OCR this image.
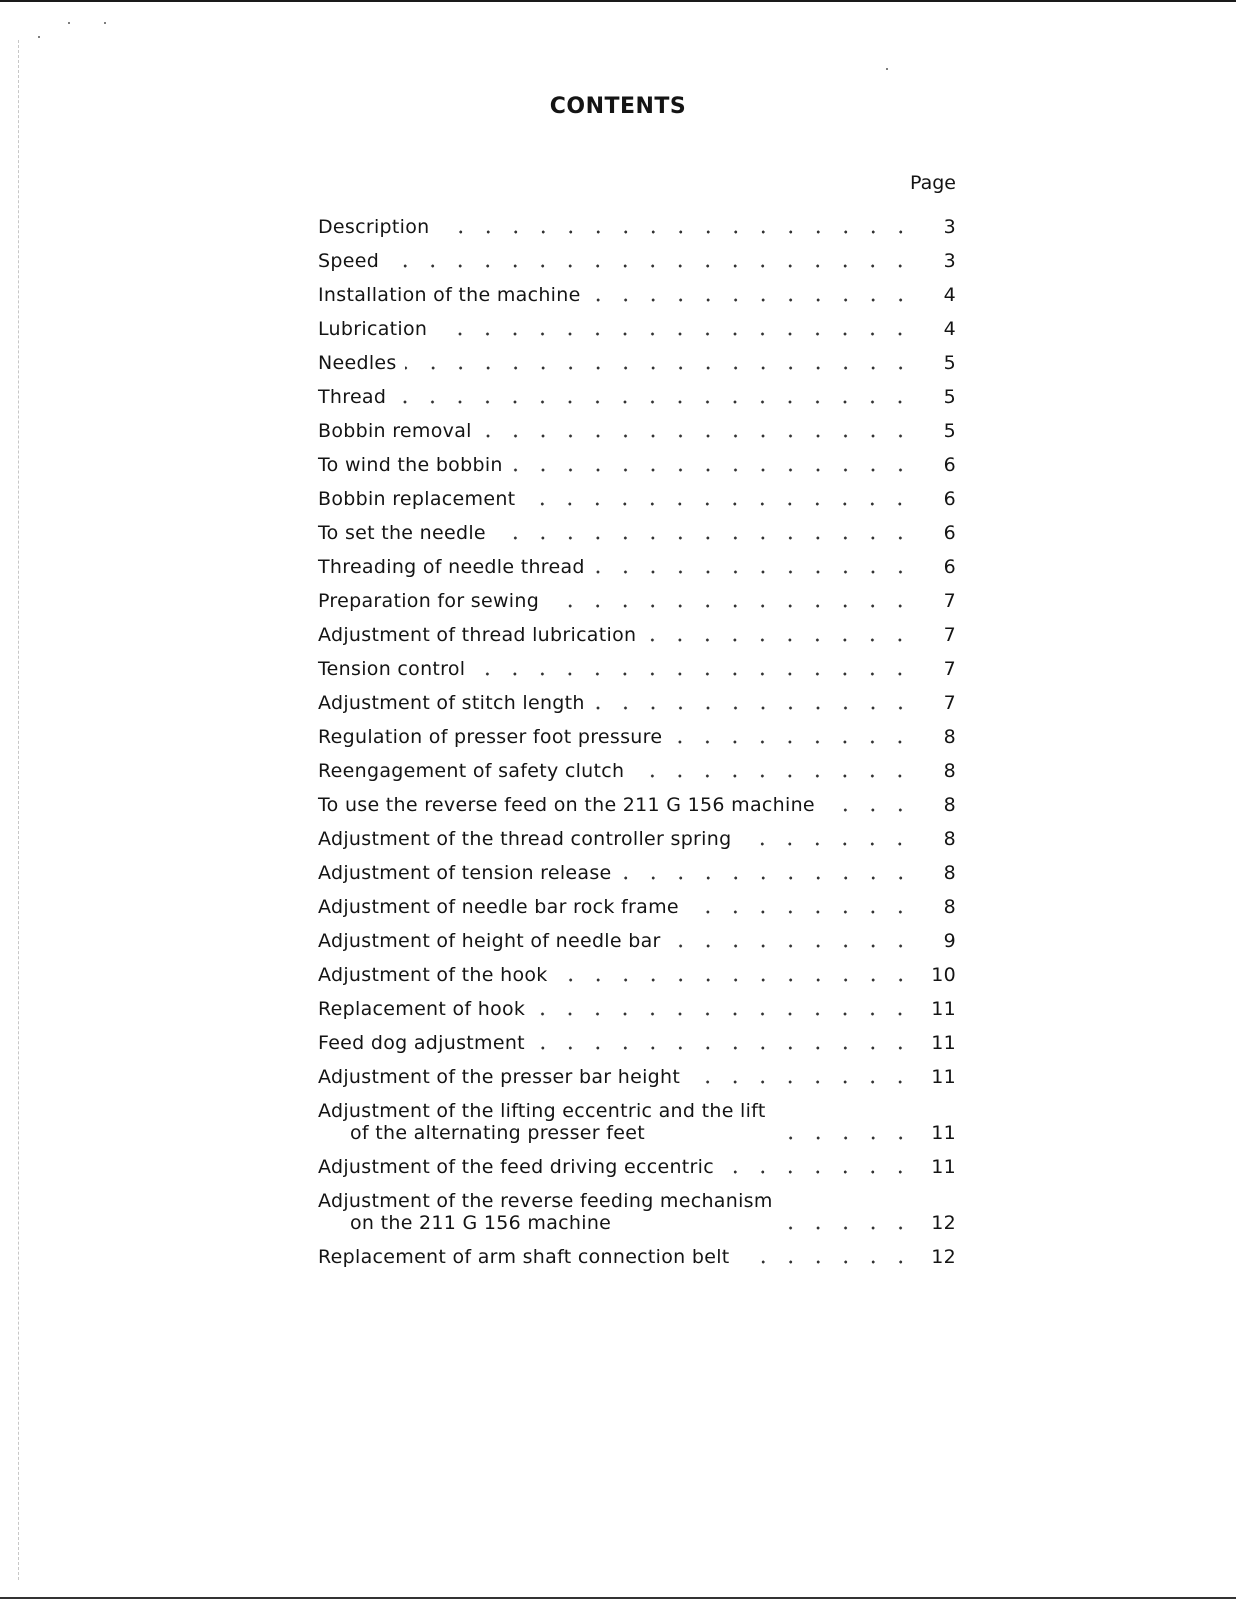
CONTENTS
Page
Description	3
Speed	3
Installation of the machine	4
Lubrication	4
Needles	5
Thread	5
Bobbin removal	5
To wind the bobbin	6
Bobbin replacement	6
To set the needle	6
Threading of needle thread	6
Preparation for sewing	7
Adjustment of thread lubrication	7
Tension control	7
Adjustment of stitch length	7
Regulation of presser foot pressure	8
Reengagement of safety clutch	8
To use the reverse feed on the 211 G 156 machine	8
Adjustment of the thread controller spring	8
Adjustment of tension release	8
Adjustment of needle bar rock frame	8
Adjustment of height of needle bar	9
Adjustment of the hook	10
Replacement of hook	11
Feed dog adjustment	11
Adjustment of the presser bar height	11
Adjustment of the lifting eccentric and the lift
of the alternating presser feet	11
Adjustment of the feed driving eccentric	11
Adjustment of the reverse feeding mechanism
on the 211 G 156 machine	12
Replacement of arm shaft connection belt	12
